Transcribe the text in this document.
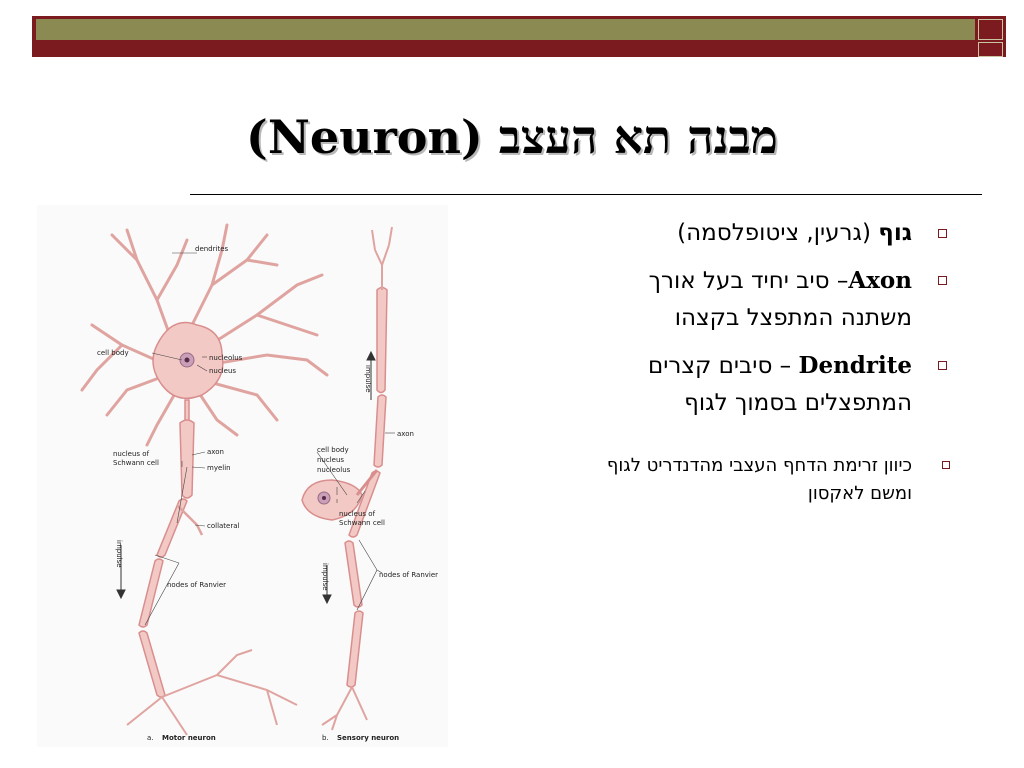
מבנה תא העצב (Neuron)
dendrites
cell body
nucleolus
nucleus
axon
nucleus of
Schwann cell
myelin
collateral
impulse
nodes of Ranvier
a. Motor neuron
axon
impulse
cell body
nucleus
nucleolus
nucleus of
Schwann cell
nodes of Ranvier
impulse
b. Sensory neuron
גוף (גרעין, ציטופלסמה)
Axon– סיב יחיד בעל אורך משתנה המתפצל בקצהו
Dendrite – סיבים קצרים המתפצלים בסמוך לגוף
כיוון זרימת הדחף העצבי מהדנדריט לגוף ומשם לאקסון
